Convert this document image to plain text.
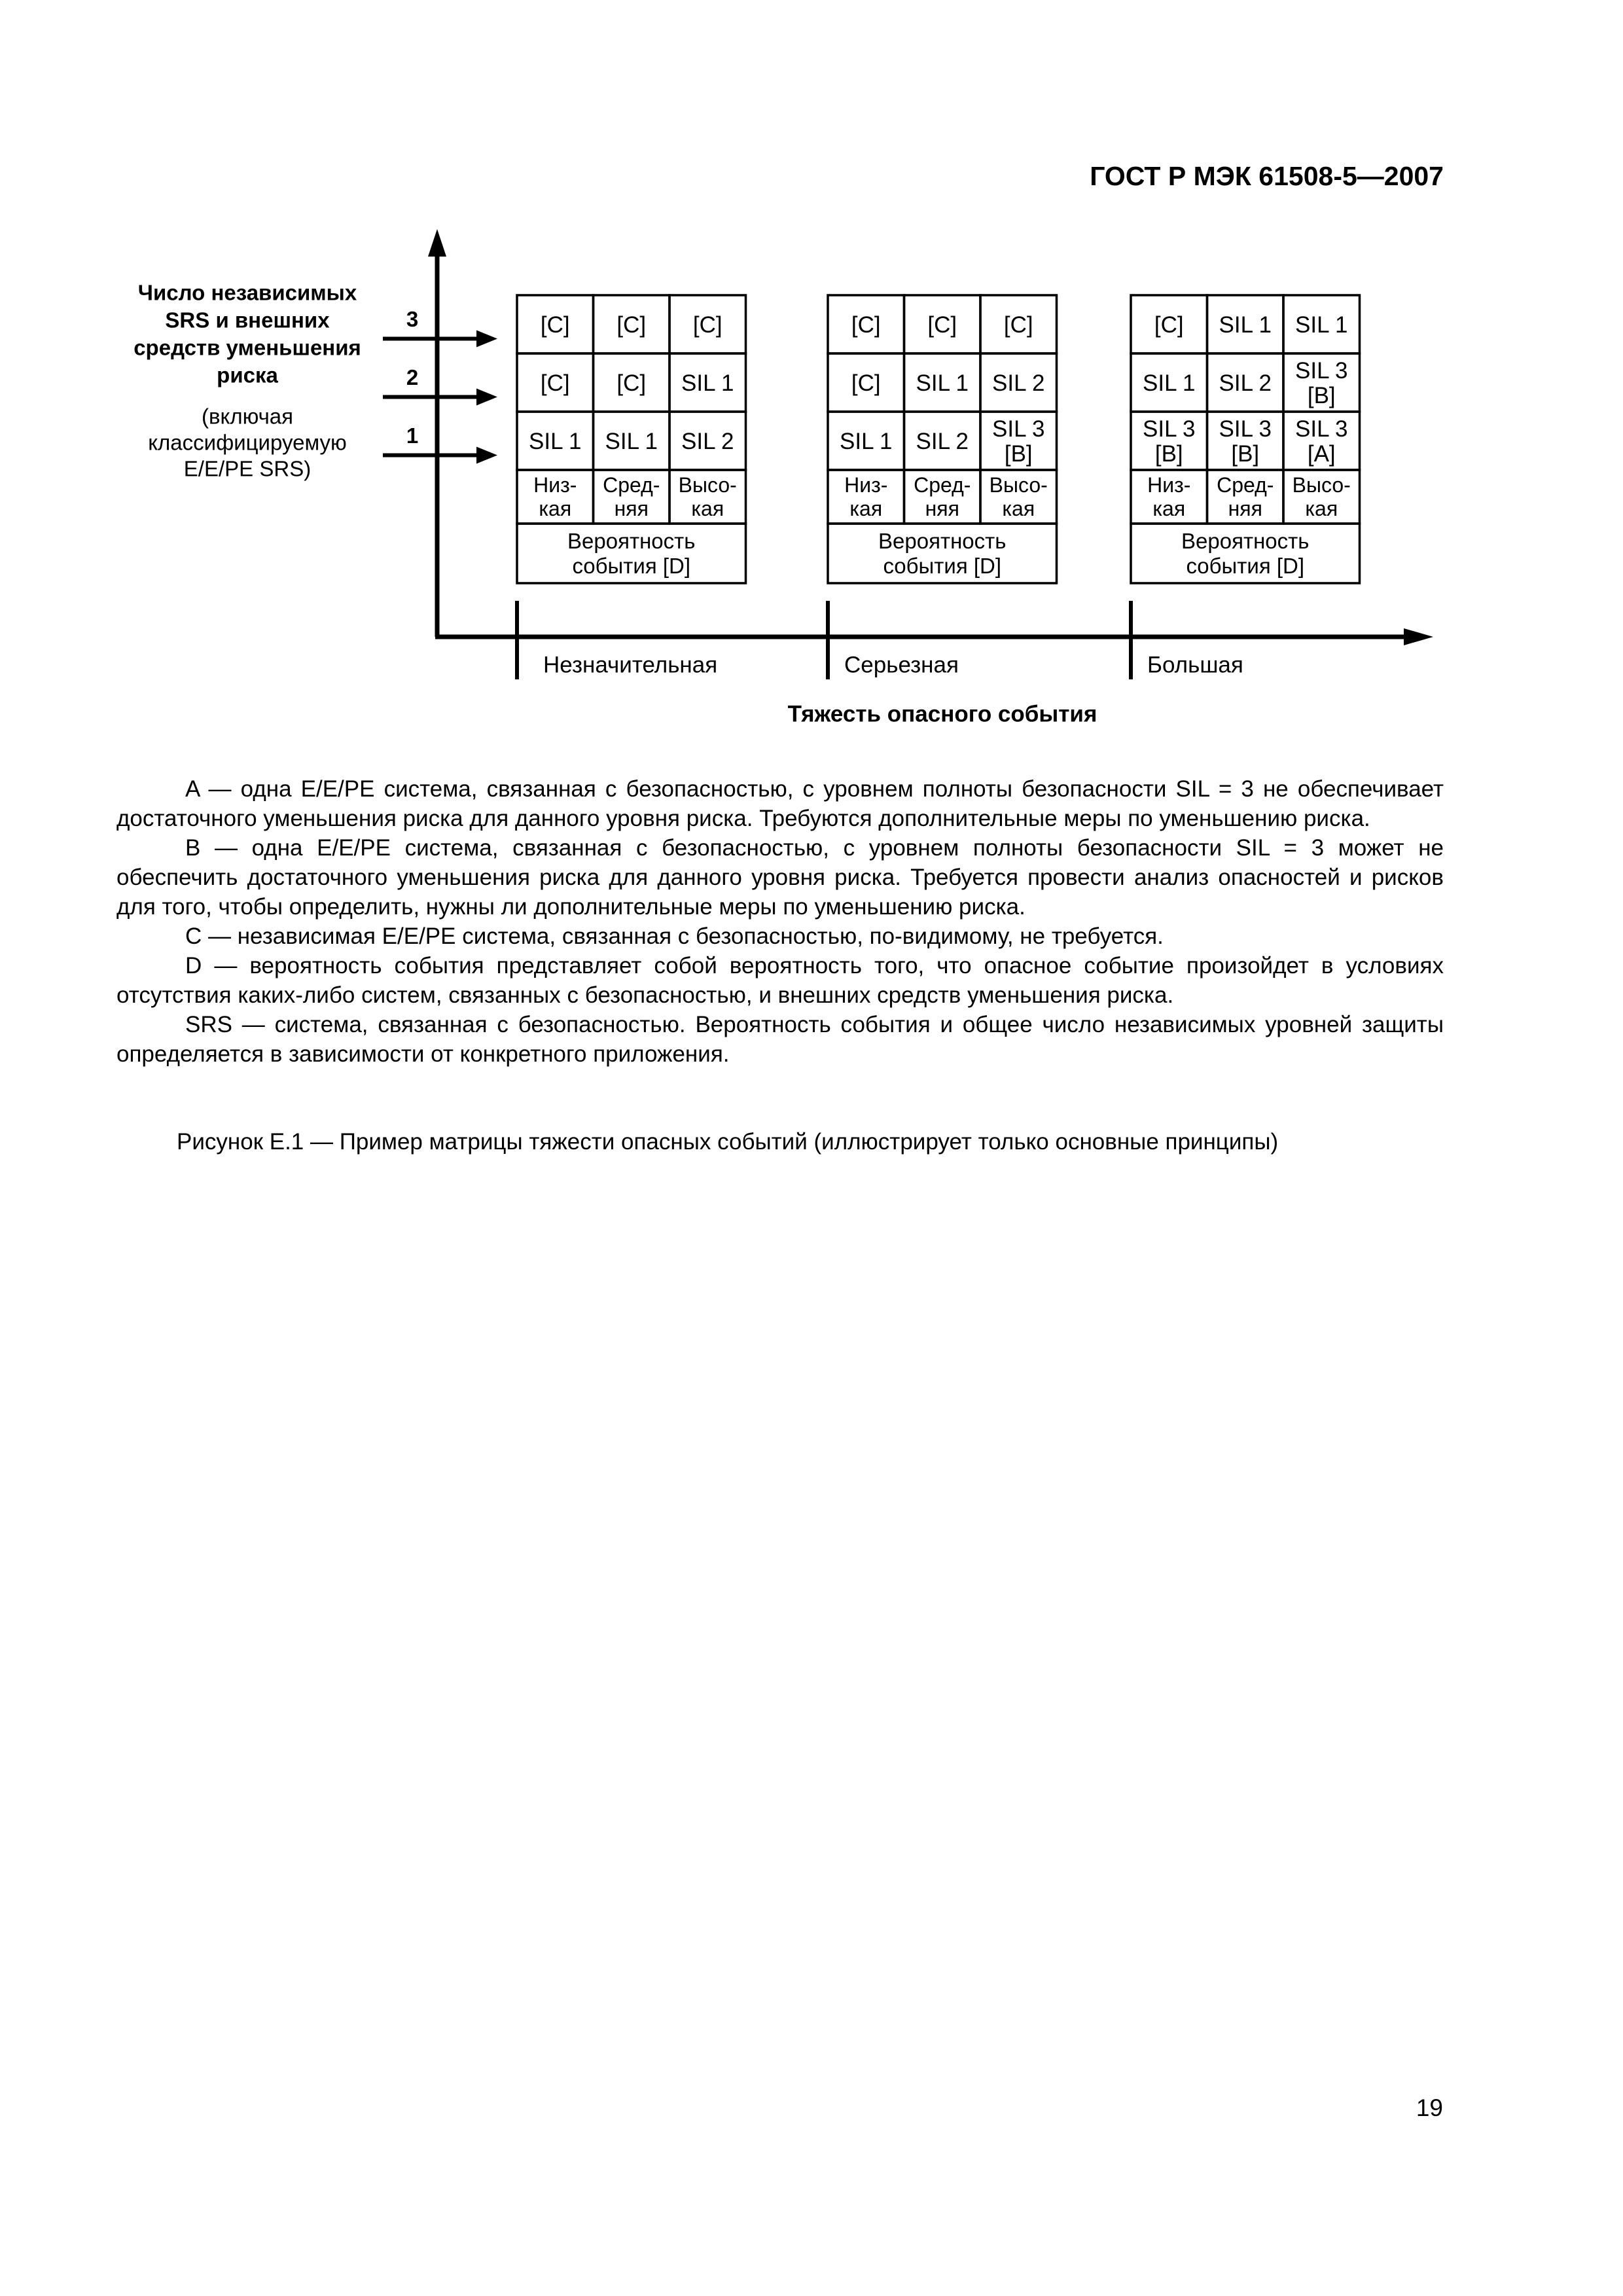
ГОСТ Р МЭК 61508-5—2007
Число независимых SRS и внешних средств уменьшения риска
(включая классифицируемую E/E/PE SRS)
3
2
1
[C] [C] [C]
[C] [C] SIL 1
SIL 1 SIL 1 SIL 2
Низ-кая
Сред-няя
Высо-кая
Вероятность события [D]
Незначительная
[C] [C] [C]
[C] SIL 1 SIL 2
SIL 1 SIL 2 SIL 3 [B]
Низ-кая
Сред-няя
Высо-кая
Вероятность события [D]
Серьезная
[C] SIL 1 SIL 1
SIL 1 SIL 2 SIL 3 [B]
SIL 3 [B]
SIL 3 [B]
SIL 3 [A]
Низ-кая
Сред-няя
Высо-кая
Вероятность события [D]
Большая
Тяжесть опасного события

A — одна E/E/PE система, связанная с безопасностью, с уровнем полноты безопасности SIL = 3 не обеспечивает достаточного уменьшения риска для данного уровня риска. Требуются дополнительные меры по уменьшению риска.

B — одна E/E/PE система, связанная с безопасностью, с уровнем полноты безопасности SIL = 3 может не обеспечить достаточного уменьшения риска для данного уровня риска. Требуется провести анализ опасностей и рисков для того, чтобы определить, нужны ли дополнительные меры по уменьшению риска.

C — независимая E/E/PE система, связанная с безопасностью, по-видимому, не требуется.

D — вероятность события представляет собой вероятность того, что опасное событие произойдет в условиях отсутствия каких-либо систем, связанных с безопасностью, и внешних средств уменьшения риска.

SRS — система, связанная с безопасностью. Вероятность события и общее число независимых уровней защиты определяется в зависимости от конкретного приложения.

Рисунок E.1 — Пример матрицы тяжести опасных событий (иллюстрирует только основные принципы)
19
